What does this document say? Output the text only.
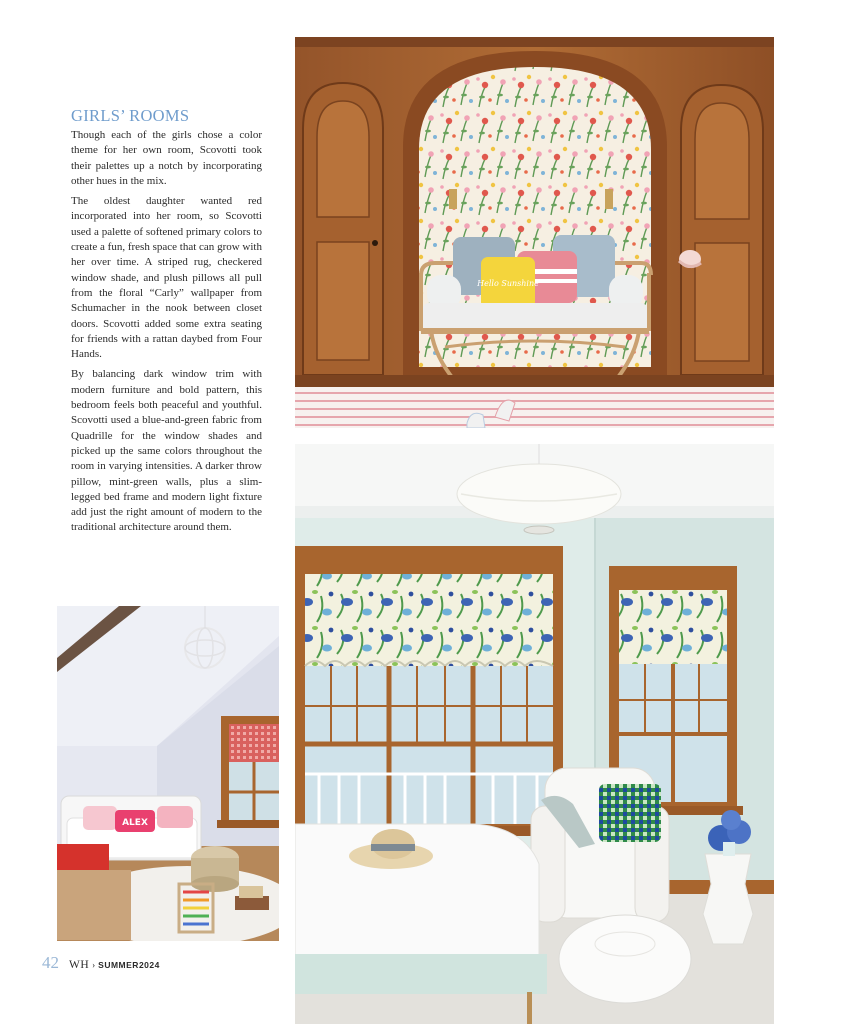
GIRLS’ ROOMS

Though each of the girls chose a color theme for her own room, Scovotti took their palettes up a notch by incorporating other hues in the mix.

The oldest daughter wanted red incorporated into her room, so Scovotti used a palette of softened primary colors to create a fun, fresh space that can grow with her over time. A striped rug, checkered window shade, and plush pillows all pull from the floral “Carly” wallpaper from Schumacher in the nook between closet doors. Scovotti added some extra seating for friends with a rattan daybed from Four Hands.

By balancing dark window trim with modern furniture and bold pattern, this bedroom feels both peaceful and youthful. Scovotti used a blue-and-green fabric from Quadrille for the window shades and picked up the same colors throughout the room in varying intensities. A darker throw pillow, mint-green walls, plus a slim-legged bed frame and modern light fixture add just the right amount of modern to the traditional architecture around them.

Hello Sunshine
ALEX
42 WH › SUMMER2024
